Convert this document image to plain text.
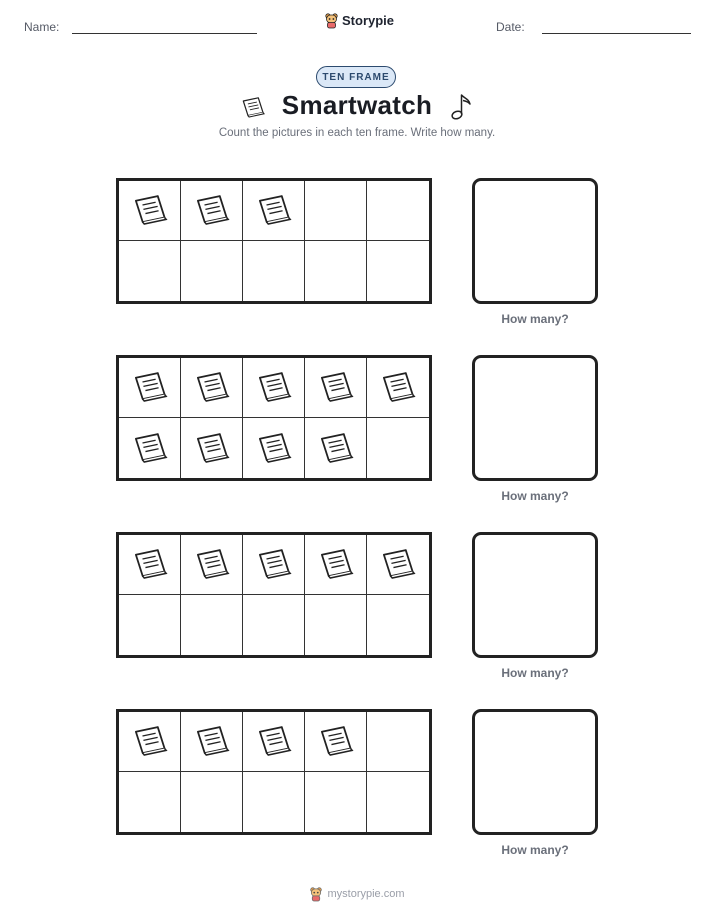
Name:	Storypie	Date:
TEN FRAME
Smartwatch
Count the pictures in each ten frame. Write how many.
How many?
How many?
How many?
How many?
mystorypie.com
